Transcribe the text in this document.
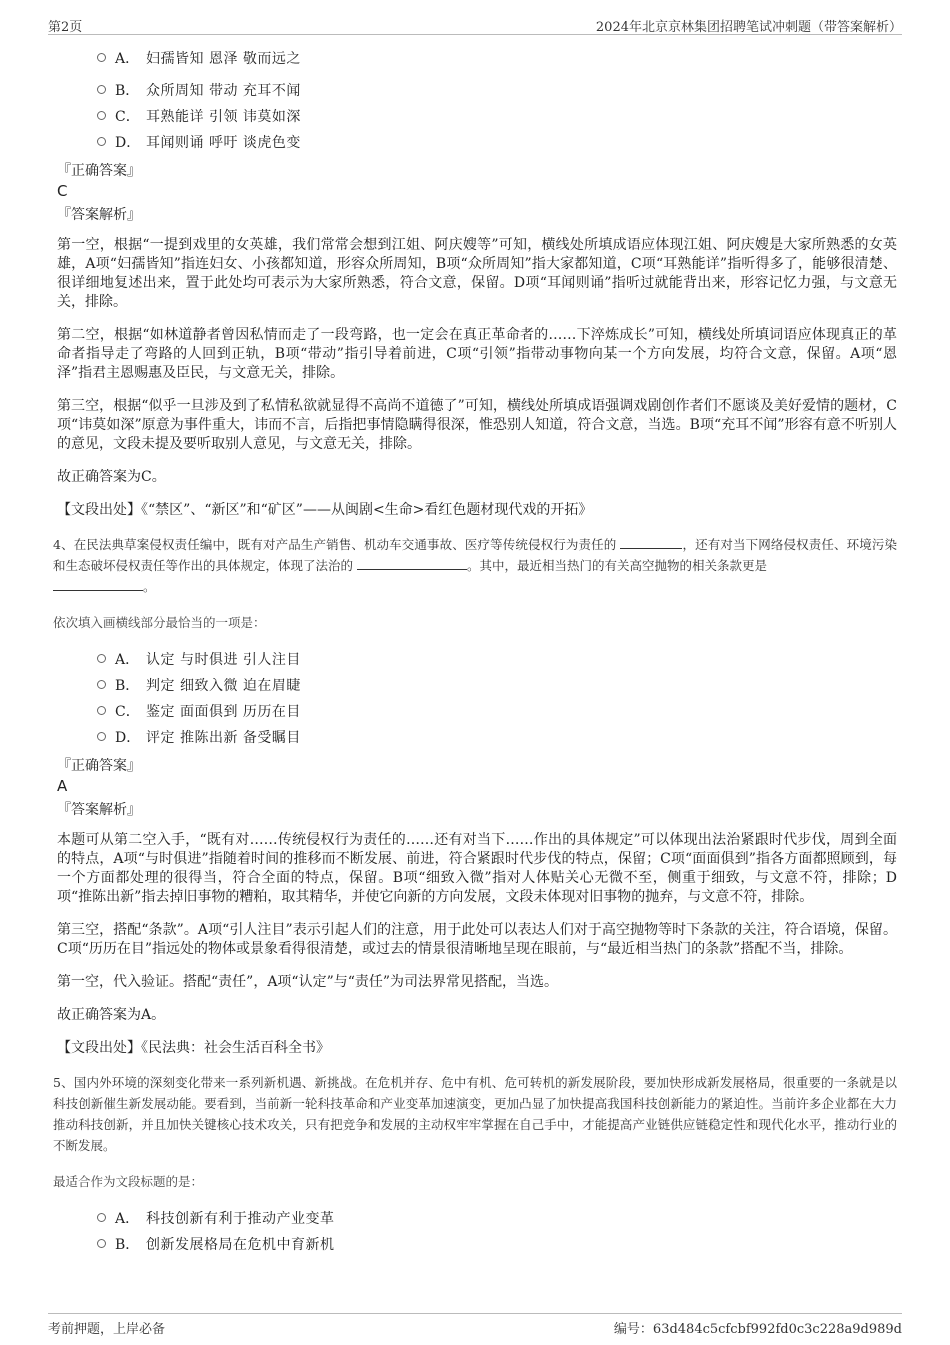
第2页	2024年北京京林集团招聘笔试冲刺题（带答案解析）
A． 妇孺皆知 恩泽 敬而远之
B． 众所周知 带动 充耳不闻
C． 耳熟能详 引领 讳莫如深
D． 耳闻则诵 呼吁 谈虎色变
『正确答案』
C
『答案解析』

第一空，根据“一提到戏里的女英雄，我们常常会想到江姐、阿庆嫂等”可知，横线处所填成语应体现江姐、阿庆嫂是大家所熟悉的女英雄，A项“妇孺皆知”指连妇女、小孩都知道，形容众所周知，B项“众所周知”指大家都知道，C项“耳熟能详”指听得多了，能够很清楚、很详细地复述出来，置于此处均可表示为大家所熟悉，符合文意，保留。D项“耳闻则诵”指听过就能背出来，形容记忆力强，与文意无关，排除。

第二空，根据“如林道静者曾因私情而走了一段弯路，也一定会在真正革命者的……下淬炼成长”可知，横线处所填词语应体现真正的革命者指导走了弯路的人回到正轨，B项“带动”指引导着前进，C项“引领”指带动事物向某一个方向发展，均符合文意，保留。A项“恩泽”指君主恩赐惠及臣民，与文意无关，排除。

第三空，根据“似乎一旦涉及到了私情私欲就显得不高尚不道德了”可知，横线处所填成语强调戏剧创作者们不愿谈及美好爱情的题材，C项“讳莫如深”原意为事件重大，讳而不言，后指把事情隐瞒得很深，惟恐别人知道，符合文意，当选。B项“充耳不闻”形容有意不听别人的意见，文段未提及要听取别人意见，与文意无关，排除。

故正确答案为C。

【文段出处】《“禁区”、“新区”和“矿区”——从闽剧<生命>看红色题材现代戏的开拓》

4、在民法典草案侵权责任编中，既有对产品生产销售、机动车交通事故、医疗等传统侵权行为责任的	，还有对当下网络侵权责任、环境污染和生态破坏侵权责任等作出的具体规定，体现了法治的	。其中，最近相当热门的有关高空抛物的相关条款更是
。
依次填入画横线部分最恰当的一项是：
A． 认定 与时俱进 引人注目
B． 判定 细致入微 迫在眉睫
C． 鉴定 面面俱到 历历在目
D． 评定 推陈出新 备受瞩目
『正确答案』
A
『答案解析』

本题可从第二空入手，“既有对……传统侵权行为责任的……还有对当下……作出的具体规定”可以体现出法治紧跟时代步伐，周到全面的特点，A项“与时俱进”指随着时间的推移而不断发展、前进，符合紧跟时代步伐的特点，保留；C项“面面俱到”指各方面都照顾到，每一个方面都处理的很得当，符合全面的特点，保留。B项“细致入微”指对人体贴关心无微不至，侧重于细致，与文意不符，排除；D项“推陈出新”指去掉旧事物的糟粕，取其精华，并使它向新的方向发展，文段未体现对旧事物的抛弃，与文意不符，排除。

第三空，搭配“条款”。A项“引人注目”表示引起人们的注意，用于此处可以表达人们对于高空抛物等时下条款的关注，符合语境，保留。C项“历历在目”指远处的物体或景象看得很清楚，或过去的情景很清晰地呈现在眼前，与“最近相当热门的条款”搭配不当，排除。

第一空，代入验证。搭配“责任”，A项“认定”与“责任”为司法界常见搭配，当选。

故正确答案为A。

【文段出处】《民法典：社会生活百科全书》

5、国内外环境的深刻变化带来一系列新机遇、新挑战。在危机并存、危中有机、危可转机的新发展阶段，要加快形成新发展格局，很重要的一条就是以科技创新催生新发展动能。要看到，当前新一轮科技革命和产业变革加速演变，更加凸显了加快提高我国科技创新能力的紧迫性。当前许多企业都在大力推动科技创新，并且加快关键核心技术攻关，只有把竞争和发展的主动权牢牢掌握在自己手中，才能提高产业链供应链稳定性和现代化水平，推动行业的不断发展。
最适合作为文段标题的是：
A． 科技创新有利于推动产业变革
B． 创新发展格局在危机中育新机
考前押题，上岸必备	编号：63d484c5cfcbf992fd0c3c228a9d989d
